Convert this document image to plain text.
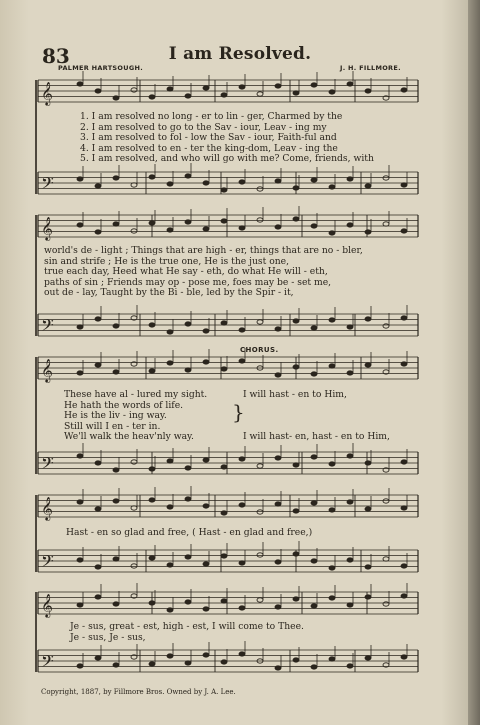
83	I am Resolved.
PALMER HARTSOUGH.	J. H. FILLMORE.
𝄞
𝄢
𝄞
𝄢
𝄞
𝄢
𝄞
𝄢
𝄞
𝄢
1. I am resolved no long - er to lin - ger, Charmed by the
2. I am resolved to go to the Sav - iour, Leav - ing my
3. I am resolved to fol - low the Sav - iour, Faith-ful and
4. I am resolved to en - ter the king-dom, Leav - ing the
5. I am resolved, and who will go with me? Come, friends, with
world's de - light ; Things that are high - er, things that are no - bler,
sin and strife ; He is the true one, He is the just one,
true each day, Heed what He say - eth, do what He will - eth,
paths of sin ; Friends may op - pose me, foes may be - set me,
out de - lay, Taught by the Bi - ble, led by the Spir - it,
CHORUS.
These have al - lured my sight.
He hath the words of life.
He is the liv - ing way.
Still will I en - ter in.
We'll walk the heav'nly way.
}
I will hast - en to Him,

I will hast- en, hast - en to Him,
Hast - en so glad and free, ( Hast - en glad and free,)
Je - sus, great - est, high - est, I will come to Thee.
Je - sus, Je - sus,
Copyright, 1887, by Fillmore Bros. Owned by J. A. Lee.
